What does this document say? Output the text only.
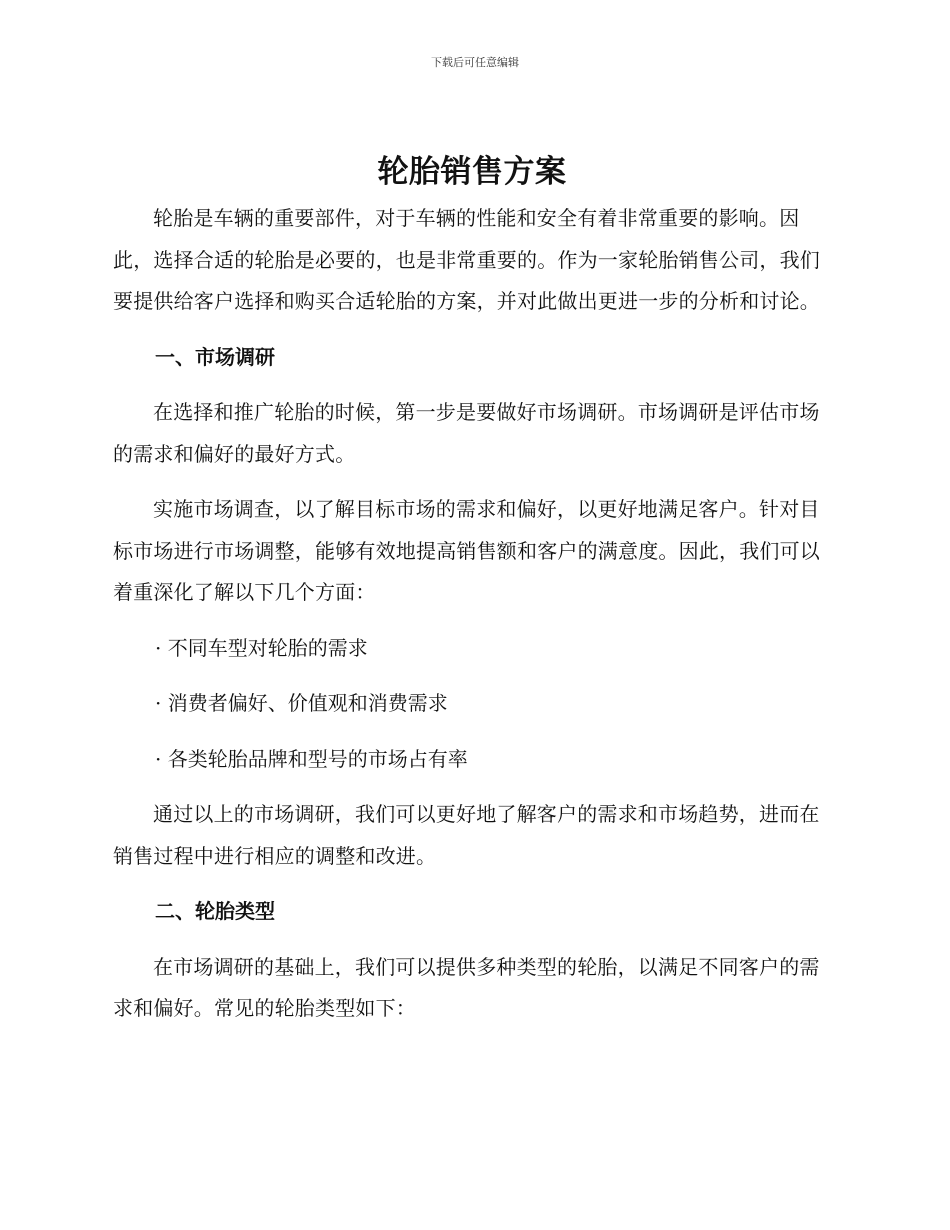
下载后可任意编辑
轮胎销售方案

轮胎是车辆的重要部件，对于车辆的性能和安全有着非常重要的影响。因此，选择合适的轮胎是必要的，也是非常重要的。作为一家轮胎销售公司，我们要提供给客户选择和购买合适轮胎的方案，并对此做出更进一步的分析和讨论。

一、市场调研

在选择和推广轮胎的时候，第一步是要做好市场调研。市场调研是评估市场的需求和偏好的最好方式。

实施市场调查，以了解目标市场的需求和偏好，以更好地满足客户。针对目标市场进行市场调整，能够有效地提高销售额和客户的满意度。因此，我们可以着重深化了解以下几个方面：

· 不同车型对轮胎的需求

· 消费者偏好、价值观和消费需求

· 各类轮胎品牌和型号的市场占有率

通过以上的市场调研，我们可以更好地了解客户的需求和市场趋势，进而在销售过程中进行相应的调整和改进。

二、轮胎类型

在市场调研的基础上，我们可以提供多种类型的轮胎，以满足不同客户的需求和偏好。常见的轮胎类型如下：
